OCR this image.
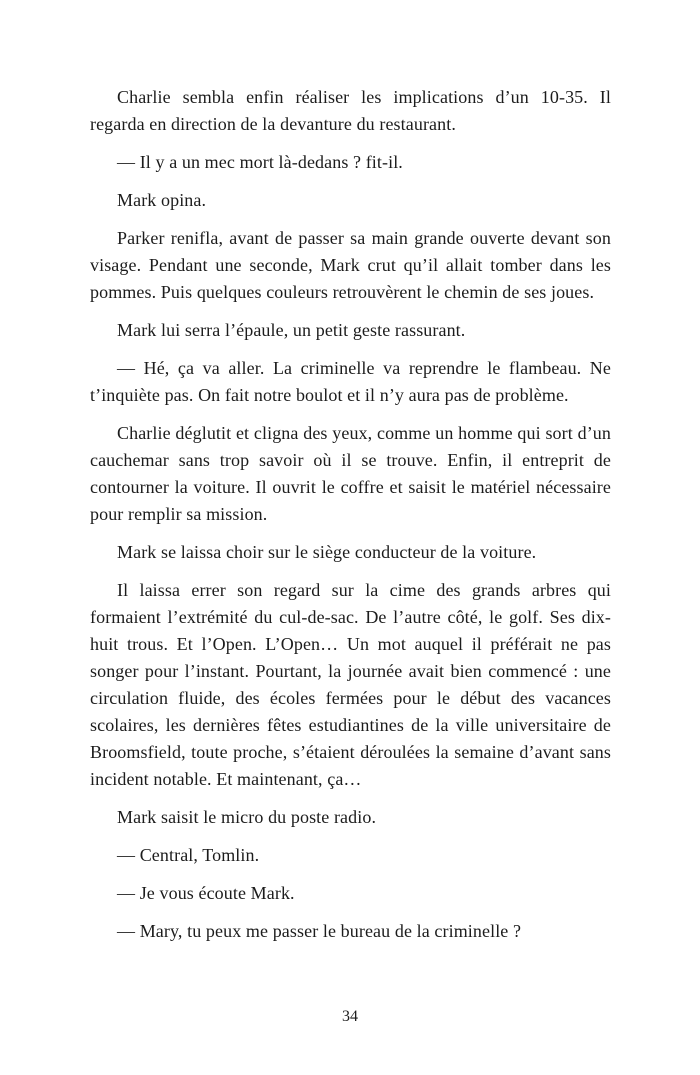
Charlie sembla enfin réaliser les implications d’un 10-35. Il regarda en direction de la devanture du restaurant.

— Il y a un mec mort là-dedans ? fit-il.

Mark opina.

Parker renifla, avant de passer sa main grande ouverte devant son visage. Pendant une seconde, Mark crut qu’il allait tomber dans les pommes. Puis quelques couleurs retrouvèrent le chemin de ses joues.

Mark lui serra l’épaule, un petit geste rassurant.

— Hé, ça va aller. La criminelle va reprendre le flambeau. Ne t’inquiète pas. On fait notre boulot et il n’y aura pas de problème.

Charlie déglutit et cligna des yeux, comme un homme qui sort d’un cauchemar sans trop savoir où il se trouve. Enfin, il entreprit de contourner la voiture. Il ouvrit le coffre et saisit le matériel nécessaire pour remplir sa mission.

Mark se laissa choir sur le siège conducteur de la voiture.

Il laissa errer son regard sur la cime des grands arbres qui formaient l’extrémité du cul-de-sac. De l’autre côté, le golf. Ses dix-huit trous. Et l’Open. L’Open… Un mot auquel il préférait ne pas songer pour l’instant. Pourtant, la journée avait bien commencé : une circulation fluide, des écoles fermées pour le début des vacances scolaires, les dernières fêtes estudiantines de la ville universitaire de Broomsfield, toute proche, s’étaient déroulées la semaine d’avant sans incident notable. Et maintenant, ça…

Mark saisit le micro du poste radio.

— Central, Tomlin.

— Je vous écoute Mark.

— Mary, tu peux me passer le bureau de la criminelle ?

34
